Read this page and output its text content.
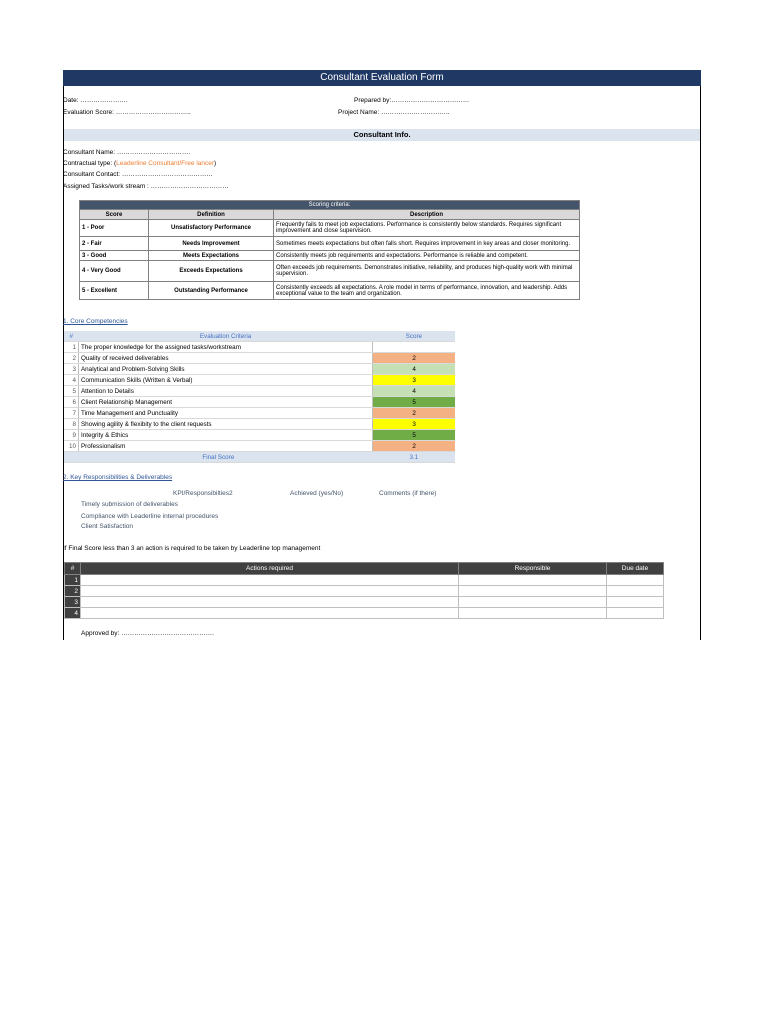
Consultant Evaluation Form
Date: ………………….
Evaluation Score: ……………………………..
Prepared by:………………………………
Project Name: …………………………..
Consultant Info.
Consultant Name: …………………………….
Contractual type: (Leaderline Consultant/Free lancer)
Consultant Contact: ……………………………………
Assigned Tasks/work stream : ………………………………
Scoring criteria:		
Score	Definition	Description
1 - Poor	Unsatisfactory Performance	Frequently fails to meet job expectations. Performance is consistently below standards. Requires significant improvement and close supervision.
2 - Fair	Needs Improvement	Sometimes meets expectations but often falls short. Requires improvement in key areas and closer monitoring.
3 - Good	Meets Expectations	Consistently meets job requirements and expectations. Performance is reliable and competent.
4 - Very Good	Exceeds Expectations	Often exceeds job requirements. Demonstrates initiative, reliability, and produces high-quality work with minimal supervision.
5 - Excellent	Outstanding Performance	Consistently exceeds all expectations. A role model in terms of performance, innovation, and leadership. Adds exceptional value to the team and organization.
1. Core Competencies
#	Evaluation Criteria	Score
1	The proper knowledge for the assigned tasks/workstream	
2	Quality of received deliverables	2
3	Analytical and Problem-Solving Skills	4
4	Communication Skills (Written & Verbal)	3
5	Attention to Details	4
6	Client Relationship Management	5
7	Time Management and Punctuality	2
8	Showing agility & flexibity to the client requests	3
9	Integrity & Ethics	5
10	Professionalism	2
Final Score		3.1
2. Key Responsibilities & Deliverables
KPI/Responsibilties2	Achieved (yes/No)	Comments (if there)
Timely submission of deliverables
Compliance with Leaderline internal procedures
Client Satisfaction
If Final Score less than 3 an action is required to be taken by Leaderline top management
#	Actions required	Responsible	Due date
1			
2			
3			
4			
Approved by: …………………………………….
